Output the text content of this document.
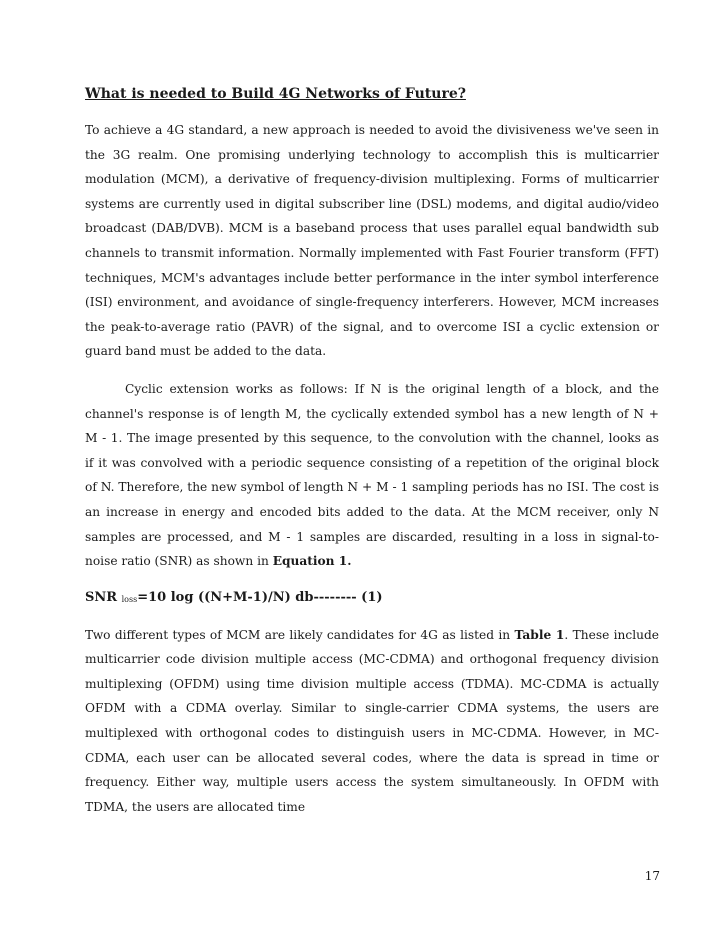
What is needed to Build 4G Networks of Future?

To achieve a 4G standard, a new approach is needed to avoid the divisiveness we've seen in the 3G realm. One promising underlying technology to accomplish this is multicarrier modulation (MCM), a derivative of frequency-division multiplexing. Forms of multicarrier systems are currently used in digital subscriber line (DSL) modems, and digital audio/video broadcast (DAB/DVB). MCM is a baseband process that uses parallel equal bandwidth sub channels to transmit information. Normally implemented with Fast Fourier transform (FFT) techniques, MCM's advantages include better performance in the inter symbol interference (ISI) environment, and avoidance of single-frequency interferers. However, MCM increases the peak-to-average ratio (PAVR) of the signal, and to overcome ISI a cyclic extension or guard band must be added to the data.

Cyclic extension works as follows: If N is the original length of a block, and the channel's response is of length M, the cyclically extended symbol has a new length of N + M - 1. The image presented by this sequence, to the convolution with the channel, looks as if it was convolved with a periodic sequence consisting of a repetition of the original block of N. Therefore, the new symbol of length N + M - 1 sampling periods has no ISI. The cost is an increase in energy and encoded bits added to the data. At the MCM receiver, only N samples are processed, and M - 1 samples are discarded, resulting in a loss in signal-to-noise ratio (SNR) as shown in Equation 1.

SNR loss=10 log ((N+M-1)/N) db-------- (1)

Two different types of MCM are likely candidates for 4G as listed in Table 1. These include multicarrier code division multiple access (MC-CDMA) and orthogonal frequency division multiplexing (OFDM) using time division multiple access (TDMA). MC-CDMA is actually OFDM with a CDMA overlay. Similar to single-carrier CDMA systems, the users are multiplexed with orthogonal codes to distinguish users in MC-CDMA. However, in MC-CDMA, each user can be allocated several codes, where the data is spread in time or frequency. Either way, multiple users access the system simultaneously. In OFDM with TDMA, the users are allocated time

17
